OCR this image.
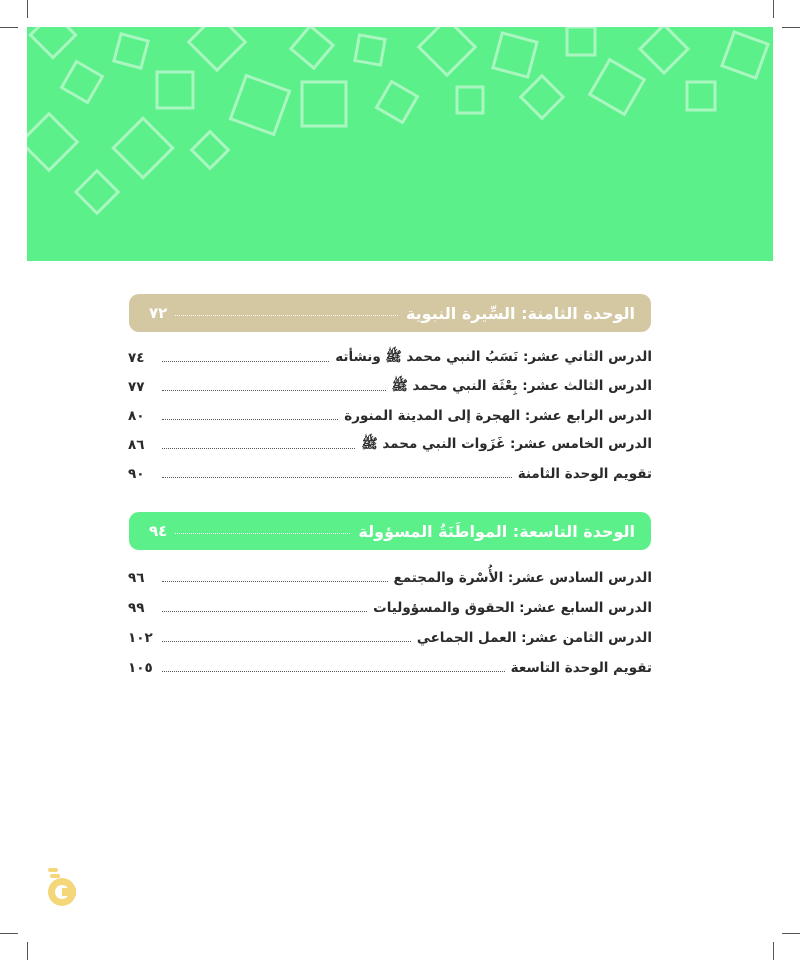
الوحدة الثامنة: السِّيرة النبوية
٧٢
الدرس الثاني عشر: نَسَبُ النبي محمد ﷺ ونشأته
٧٤
الدرس الثالث عشر: بِعْثَة النبي محمد ﷺ
٧٧
الدرس الرابع عشر: الهجرة إلى المدينة المنورة
٨٠
الدرس الخامس عشر: غَزَوات النبي محمد ﷺ
٨٦
تقويم الوحدة الثامنة
٩٠
الوحدة التاسعة: المواطَنَةُ المسؤولة
٩٤
الدرس السادس عشر: الأُسْرة والمجتمع
٩٦
الدرس السابع عشر: الحقوق والمسؤوليات
٩٩
الدرس الثامن عشر: العمل الجماعي
١٠٢
تقويم الوحدة التاسعة
١٠٥
